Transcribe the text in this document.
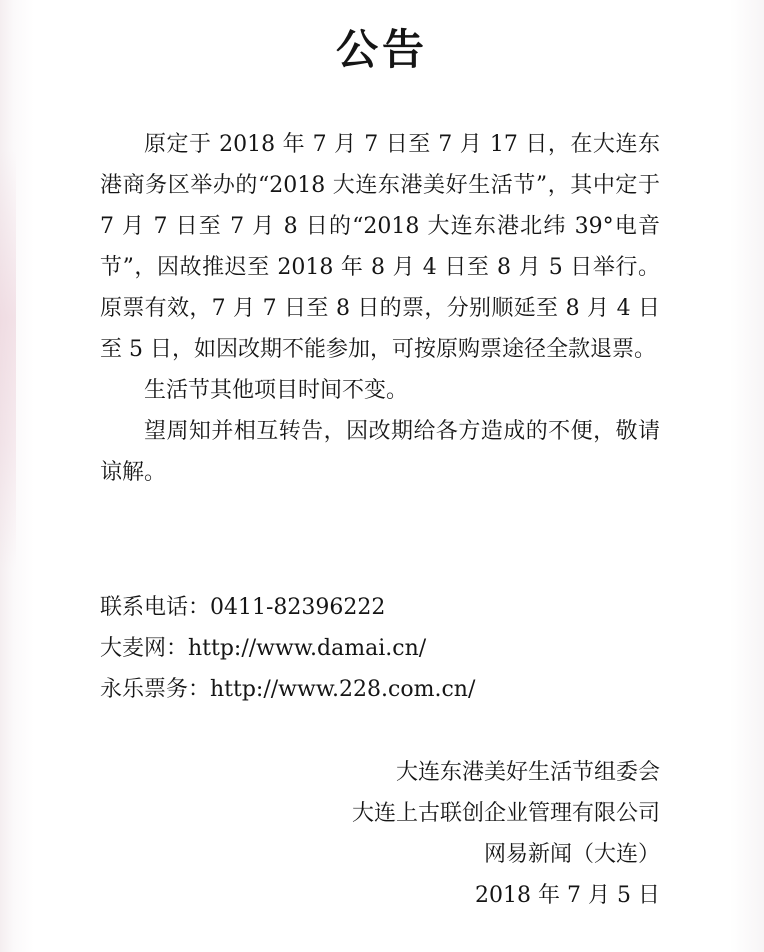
公告

原定于 2018 年 7 月 7 日至 7 月 17 日，在大连东港商务区举办的“2018 大连东港美好生活节”，其中定于 7 月 7 日至 7 月 8 日的“2018 大连东港北纬 39°电音节”，因故推迟至 2018 年 8 月 4 日至 8 月 5 日举行。原票有效，7 月 7 日至 8 日的票，分别顺延至 8 月 4 日至 5 日，如因改期不能参加，可按原购票途径全款退票。

生活节其他项目时间不变。

望周知并相互转告，因改期给各方造成的不便，敬请谅解。

联系电话：0411-82396222
大麦网：http://www.damai.cn/
永乐票务：http://www.228.com.cn/
大连东港美好生活节组委会
大连上古联创企业管理有限公司
网易新闻（大连）
2018 年 7 月 5 日
